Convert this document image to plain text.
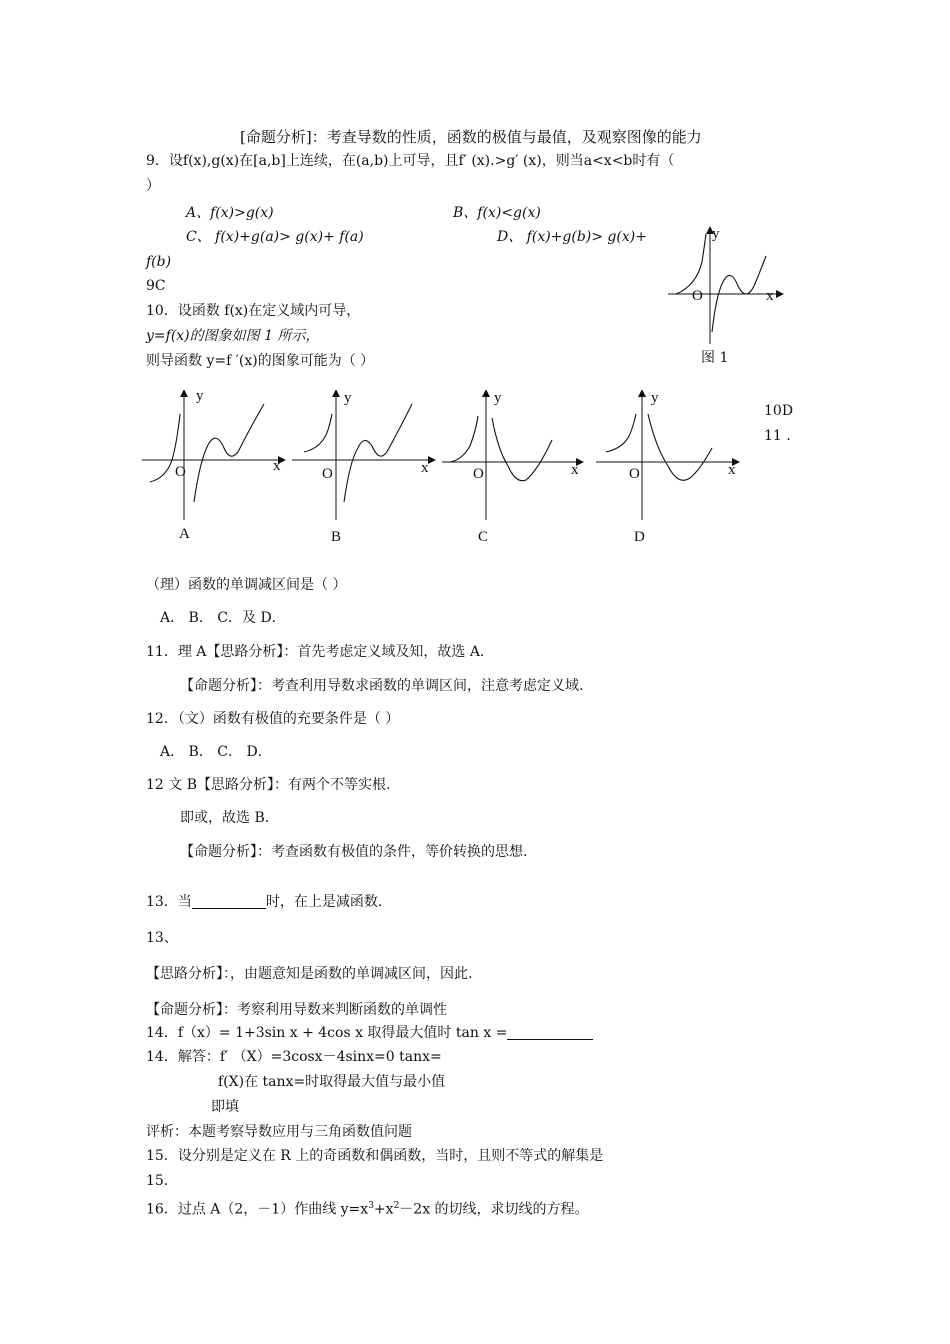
[命题分析]：考查导数的性质，函数的极值与最值，及观察图像的能力
9．设f(x),g(x)在[a,b]上连续，在(a,b)上可导，且f′ (x).>g′ (x)，则当a<x<b时有（
）
A、f(x)>g(x)	B、f(x)<g(x)
C、 f(x)+g(a)> g(x)+ f(a)	D、 f(x)+g(b)> g(x)+
f(b)
9C
10．设函数 f(x)在定义域内可导，
y=f(x)的图象如图 1 所示，
则导函数 y=f ′(x)的图象可能为（ ）
y
x
O
图 1
y
x
O
y
x
O
y
x
O
y
x
O
A	B	C	D
10D
11 .
（理）函数的单调减区间是（ ）
A． B． C．及 D．
11．理 A【思路分析】：首先考虑定义域及知，故选 A.
【命题分析】：考查利用导数求函数的单调区间，注意考虑定义域.
12．（文）函数有极值的充要条件是（ ）
A． B． C． D．
12 文 B【思路分析】：有两个不等实根.
即或，故选 B.
【命题分析】：考查函数有极值的条件，等价转换的思想.
13．当	时，在上是减函数.
13、
【思路分析】：，由题意知是函数的单调减区间，因此.
【命题分析】：考察利用导数来判断函数的单调性
14．f（x）= 1+3sin x + 4cos x 取得最大值时 tan x =
14．解答：f′ （X）=3cosx－4sinx=0 tanx=
f(X)在 tanx=时取得最大值与最小值
即填
评析：本题考察导数应用与三角函数值问题
15．设分别是定义在 R 上的奇函数和偶函数，当时，且则不等式的解集是
15.
16．过点 A（2，－1）作曲线 $y=x^3+x^2-2x$ 的切线，求切线的方程。
